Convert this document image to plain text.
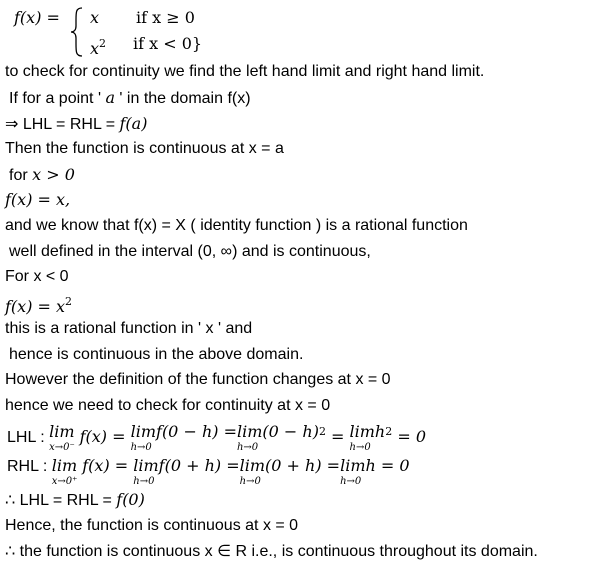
f(x) = x if x ≥ 0
$x^2$ if x < 0}
to check for continuity we find the left hand limit and right hand limit.
If for a point ' a ' in the domain f(x)
⇒ LHL = RHL = f(a)
Then the function is continuous at x = a
for x > 0
f(x) = x,
and we know that f(x) = X ( identity function ) is a rational function
well defined in the interval (0, ∞) and is continuous,
For x < 0
$f(x) = x^2$
this is a rational function in ' x ' and
hence is continuous in the above domain.
However the definition of the function changes at x = 0
hence we need to check for continuity at x = 0
LHL : lim
x→0⁻
f(x) = limf(0 − h) =
h→0
lim(0 − h)
h→0
$^2$ = limh
h→0
$^2$ = 0
RHL : lim
x→0⁺
f(x) = limf(0 + h) =
h→0
lim(0 + h) =
h→0
limh = 0
h→0
∴ LHL = RHL = f(0)
Hence, the function is continuous at x = 0
∴ the function is continuous x ∈ R i.e., is continuous throughout its domain.
